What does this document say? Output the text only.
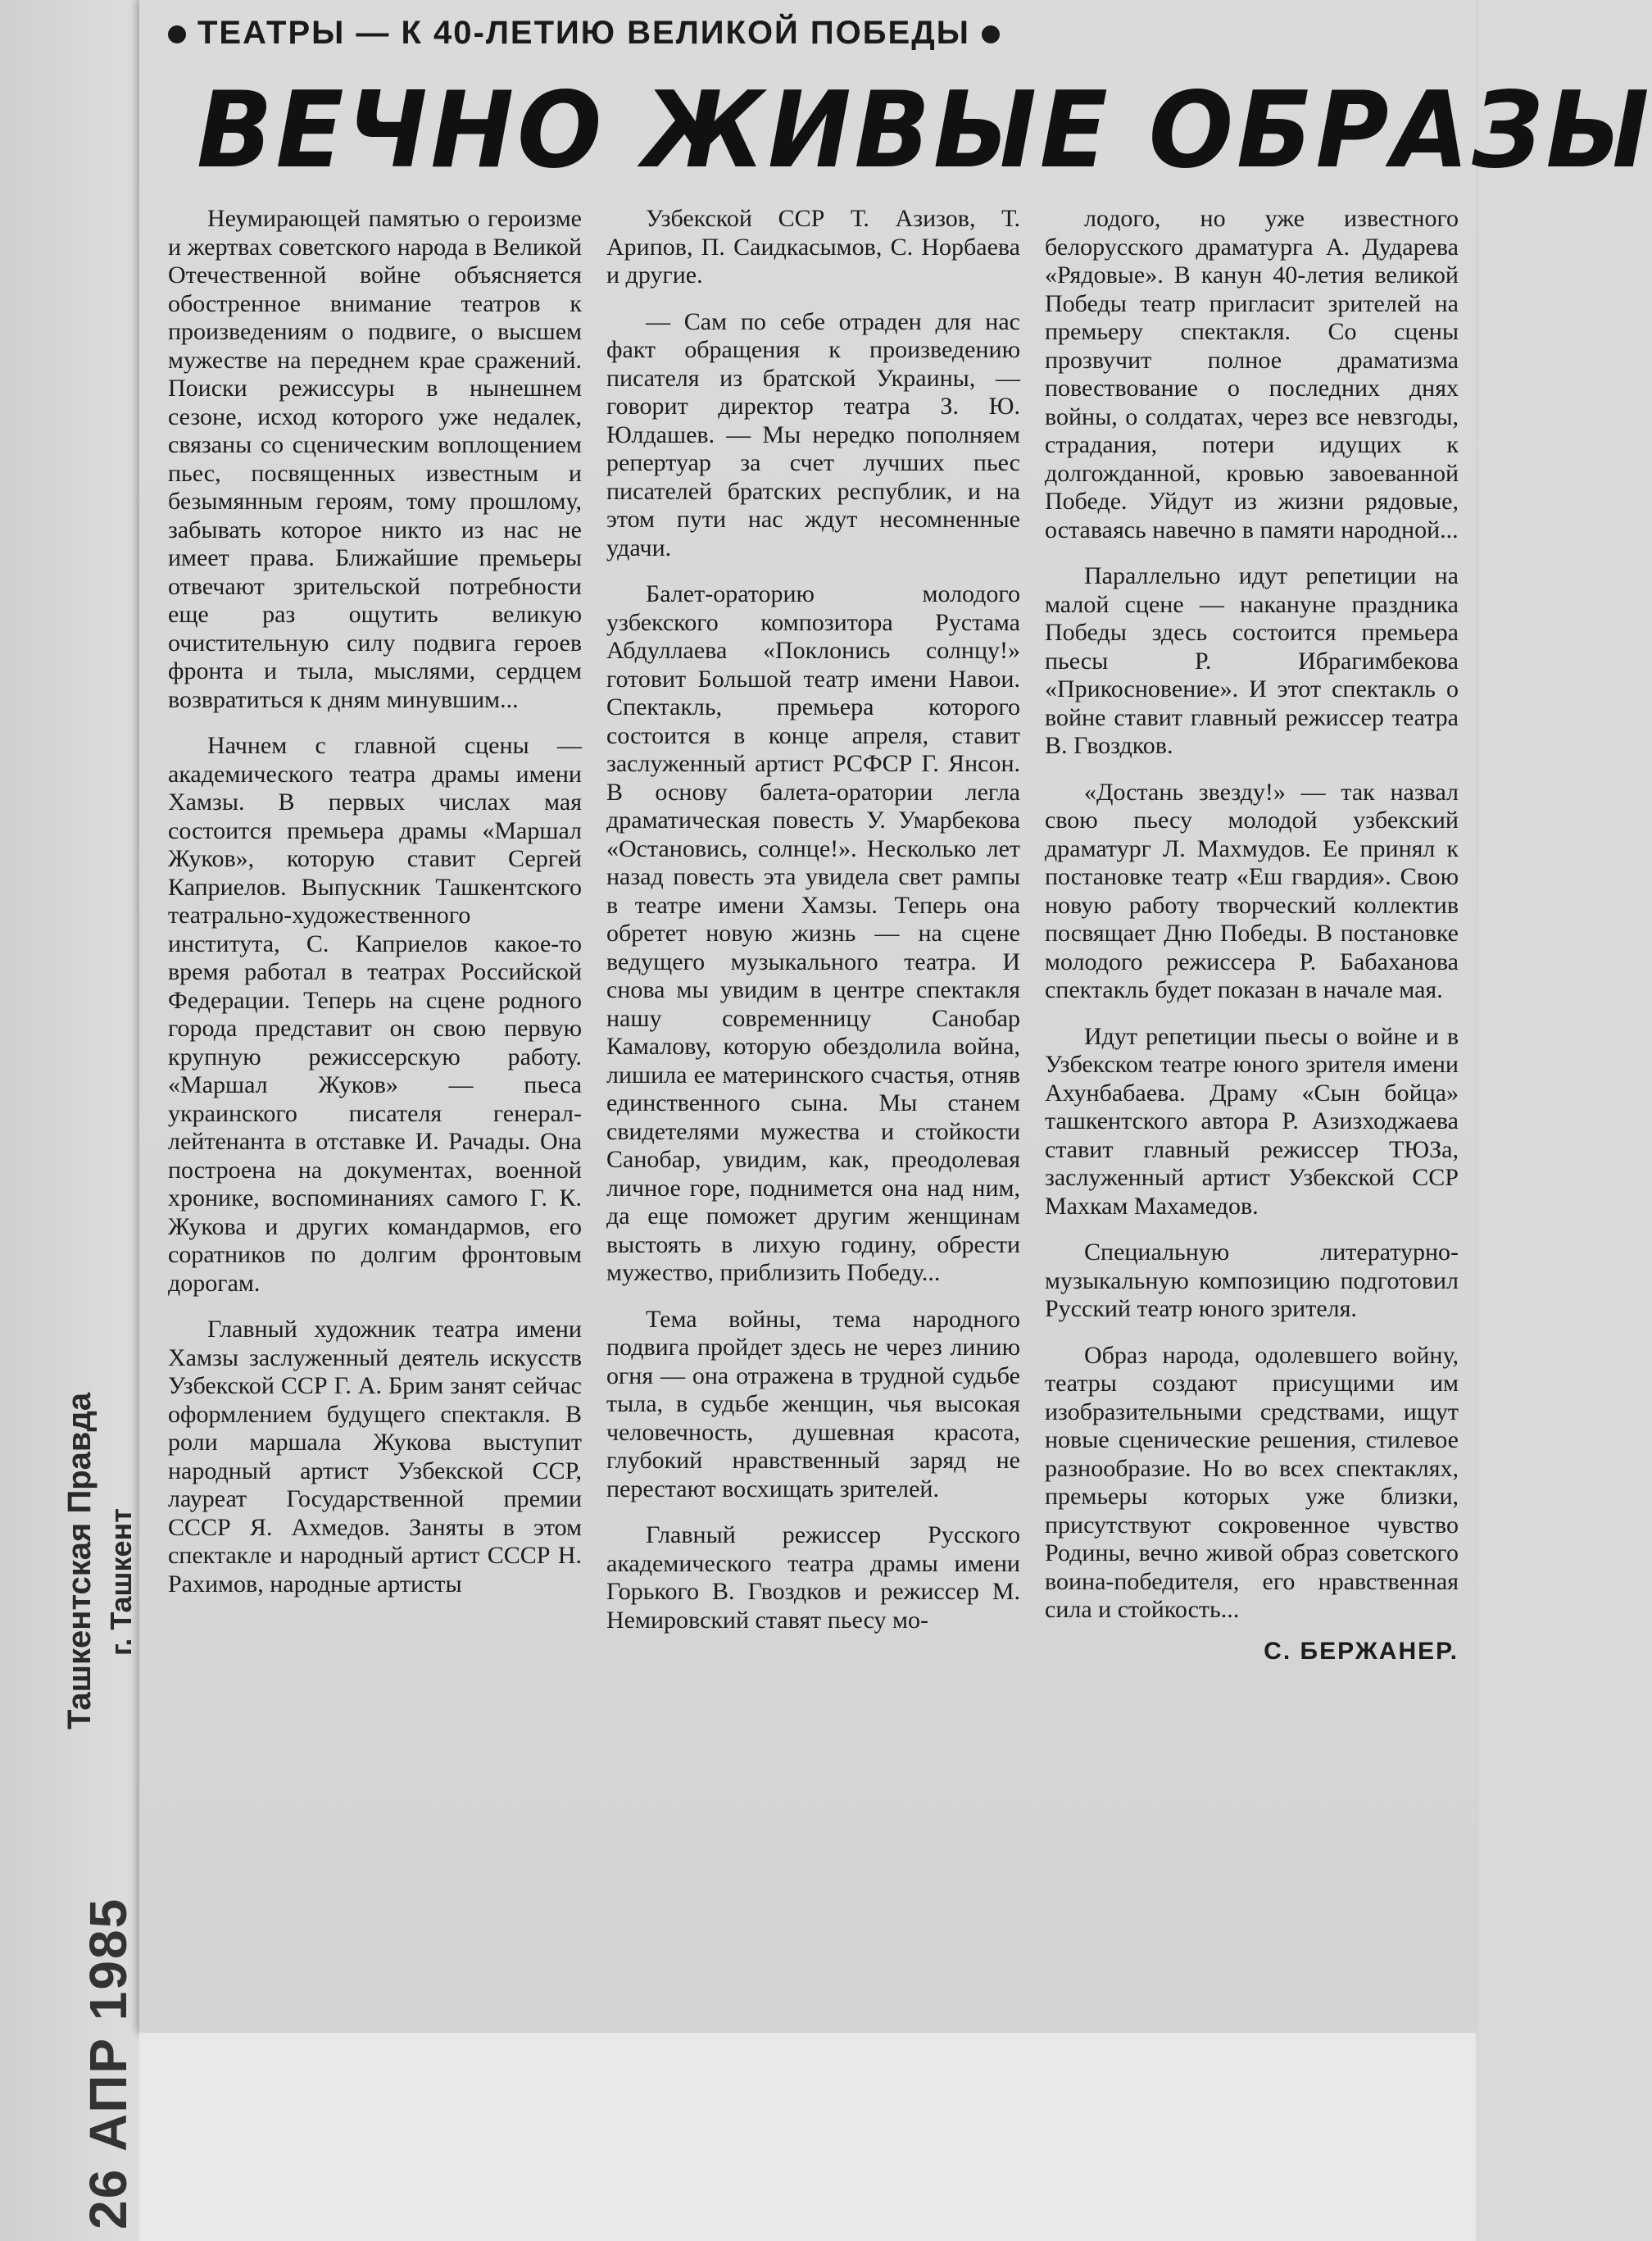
ТЕАТРЫ — К 40-ЛЕТИЮ ВЕЛИКОЙ ПОБЕДЫ
ВЕЧНО ЖИВЫЕ ОБРАЗЫ

Неумирающей памятью о героизме и жертвах советского народа в Великой Отечественной войне объясняется обостренное внимание театров к произведениям о подвиге, о высшем мужестве на переднем крае сражений. Поиски режиссуры в нынешнем сезоне, исход которого уже недалек, связаны со сценическим воплощением пьес, посвященных известным и безымянным героям, тому прошлому, забывать которое никто из нас не имеет права. Ближайшие премьеры отвечают зрительской потребности еще раз ощутить великую очистительную силу подвига героев фронта и тыла, мыслями, сердцем возвратиться к дням минувшим...

Начнем с главной сцены — академического театра драмы имени Хамзы. В первых числах мая состоится премьера драмы «Маршал Жуков», которую ставит Сергей Каприелов. Выпускник Ташкентского театрально-художественного института, С. Каприелов какое-то время работал в театрах Российской Федерации. Теперь на сцене родного города представит он свою первую крупную режиссерскую работу. «Маршал Жуков» — пьеса украинского писателя генерал-лейтенанта в отставке И. Рачады. Она построена на документах, военной хронике, воспоминаниях самого Г. К. Жукова и других командармов, его соратников по долгим фронтовым дорогам.

Главный художник театра имени Хамзы заслуженный деятель искусств Узбекской ССР Г. А. Брим занят сейчас оформлением будущего спектакля. В роли маршала Жукова выступит народный артист Узбекской ССР, лауреат Государственной премии СССР Я. Ахмедов. Заняты в этом спектакле и народный артист СССР Н. Рахимов, народные артисты

Узбекской ССР Т. Азизов, Т. Арипов, П. Саидкасымов, С. Норбаева и другие.

— Сам по себе отраден для нас факт обращения к произведению писателя из братской Украины, — говорит директор театра З. Ю. Юлдашев. — Мы нередко пополняем репертуар за счет лучших пьес писателей братских республик, и на этом пути нас ждут несомненные удачи.

Балет-ораторию молодого узбекского композитора Рустама Абдуллаева «Поклонись солнцу!» готовит Большой театр имени Навои. Спектакль, премьера которого состоится в конце апреля, ставит заслуженный артист РСФСР Г. Янсон. В основу балета-оратории легла драматическая повесть У. Умарбекова «Остановись, солнце!». Несколько лет назад повесть эта увидела свет рампы в театре имени Хамзы. Теперь она обретет новую жизнь — на сцене ведущего музыкального театра. И снова мы увидим в центре спектакля нашу современницу Санобар Камалову, которую обездолила война, лишила ее материнского счастья, отняв единственного сына. Мы станем свидетелями мужества и стойкости Санобар, увидим, как, преодолевая личное горе, поднимется она над ним, да еще поможет другим женщинам выстоять в лихую годину, обрести мужество, приблизить Победу...

Тема войны, тема народного подвига пройдет здесь не через линию огня — она отражена в трудной судьбе тыла, в судьбе женщин, чья высокая человечность, душевная красота, глубокий нравственный заряд не перестают восхищать зрителей.

Главный режиссер Русского академического театра драмы имени Горького В. Гвоздков и режиссер М. Немировский ставят пьесу мо-

лодого, но уже известного белорусского драматурга А. Дударева «Рядовые». В канун 40-летия великой Победы театр пригласит зрителей на премьеру спектакля. Со сцены прозвучит полное драматизма повествование о последних днях войны, о солдатах, через все невзгоды, страдания, потери идущих к долгожданной, кровью завоеванной Победе. Уйдут из жизни рядовые, оставаясь навечно в памяти народной...

Параллельно идут репетиции на малой сцене — накануне праздника Победы здесь состоится премьера пьесы Р. Ибрагимбекова «Прикосновение». И этот спектакль о войне ставит главный режиссер театра В. Гвоздков.

«Достань звезду!» — так назвал свою пьесу молодой узбекский драматург Л. Махмудов. Ее принял к постановке театр «Еш гвардия». Свою новую работу творческий коллектив посвящает Дню Победы. В постановке молодого режиссера Р. Бабаханова спектакль будет показан в начале мая.

Идут репетиции пьесы о войне и в Узбекском театре юного зрителя имени Ахунбабаева. Драму «Сын бойца» ташкентского автора Р. Азизходжаева ставит главный режиссер ТЮЗа, заслуженный артист Узбекской ССР Махкам Махамедов.

Специальную литературно-музыкальную композицию подготовил Русский театр юного зрителя.

Образ народа, одолевшего войну, театры создают присущими им изобразительными средствами, ищут новые сценические решения, стилевое разнообразие. Но во всех спектаклях, премьеры которых уже близки, присутствуют сокровенное чувство Родины, вечно живой образ советского воина-победителя, его нравственная сила и стойкость...

С. БЕРЖАНЕР.
Ташкентская Правда г. Ташкент
26 АПР 1985
